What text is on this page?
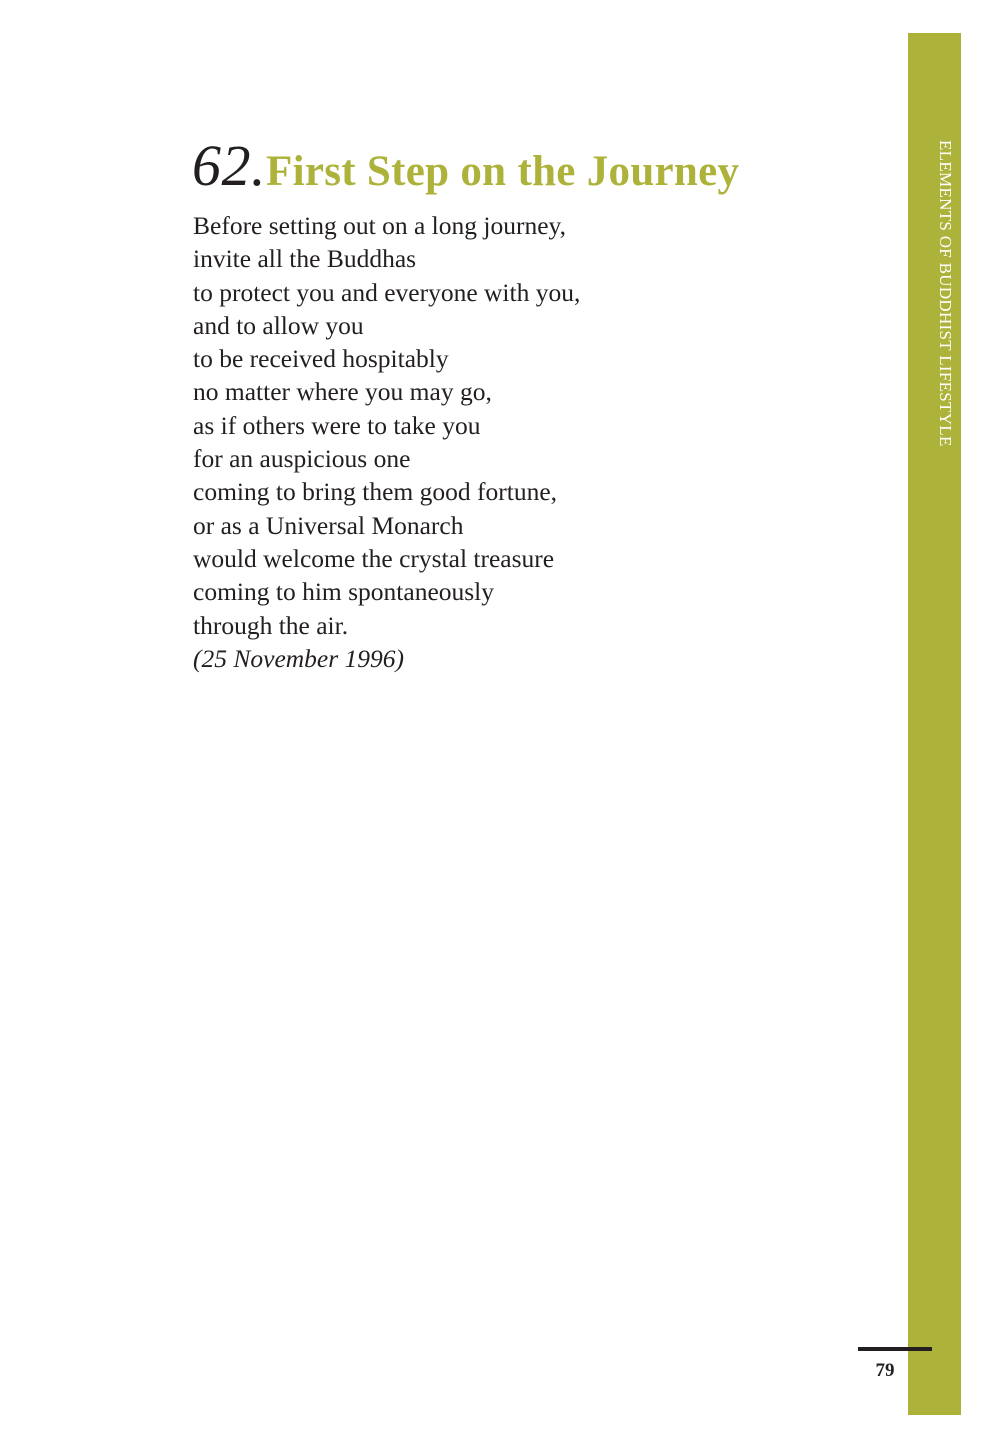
ELEMENTS OF BUDDHIST LIFESTYLE
62.First Step on the Journey
Before setting out on a long journey,
invite all the Buddhas
to protect you and everyone with you,
and to allow you
to be received hospitably
no matter where you may go,
as if others were to take you
for an auspicious one
coming to bring them good fortune,
or as a Universal Monarch
would welcome the crystal treasure
coming to him spontaneously
through the air.
(25 November 1996)
79
